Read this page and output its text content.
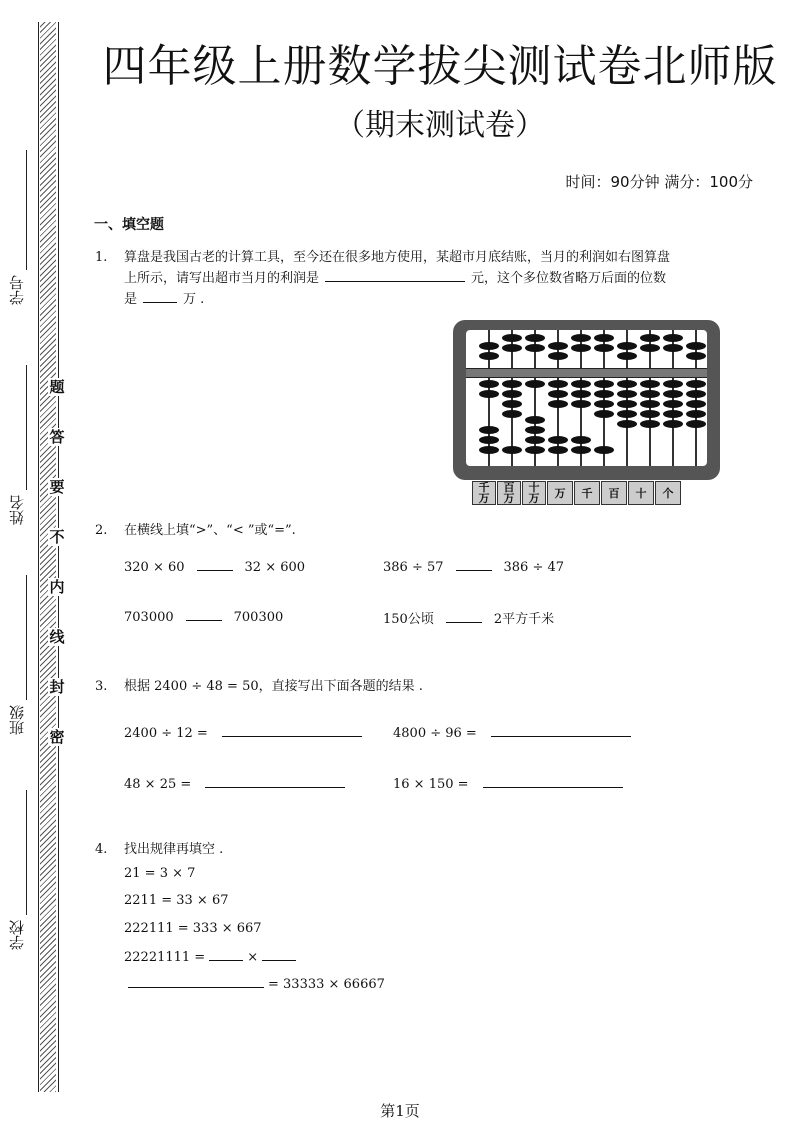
学号
姓名
班级
学校
题
答
要
不
内
线
封
密
四年级上册数学拔尖测试卷北师版
（期末测试卷）
时间：90分钟 满分：100分
一、填空题
1. 算盘是我国古老的计算工具，至今还在很多地方使用，某超市月底结账，当月的利润如右图算盘
上所示，请写出超市当月的利润是	元，这个多位数省略万后面的位数
是	万 .
千万
百万
十万 万 千 百 十 个
2. 在横线上填“>”、“< ”或“=”.
320 × 60	32 × 600	386 ÷ 57	386 ÷ 47
703000	700300	150公顷	2平方千米
3. 根据 2400 ÷ 48 = 50，直接写出下面各题的结果 .
2400 ÷ 12 =	4800 ÷ 96 =
48 × 25 =	16 × 150 =
4. 找出规律再填空 .
21 = 3 × 7
2211 = 33 × 67
222111 = 333 × 667
22221111 =	×
= 33333 × 66667
第1页
